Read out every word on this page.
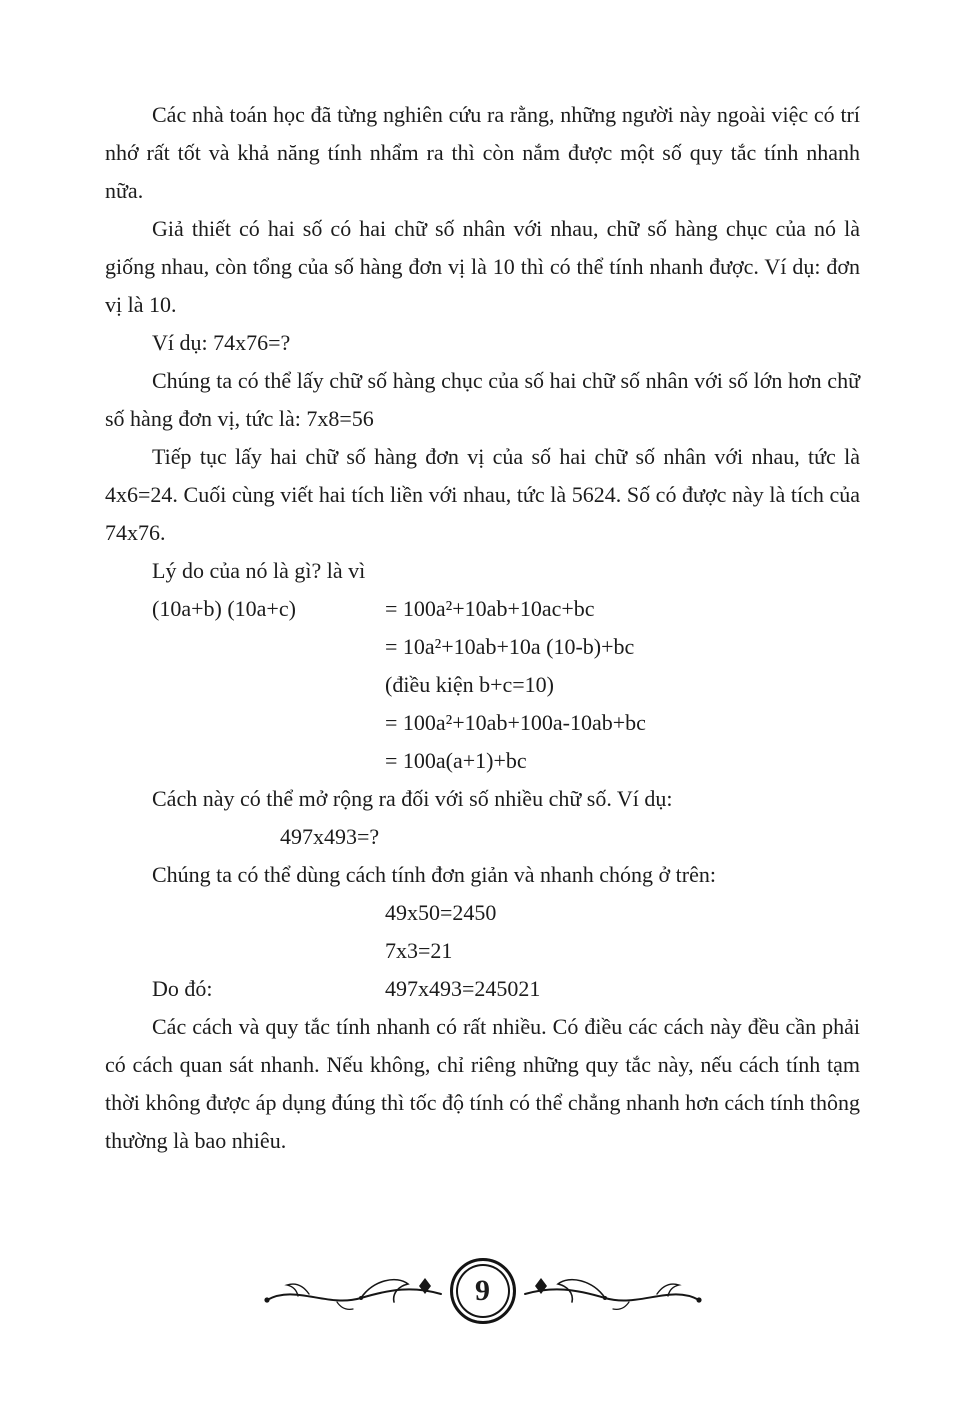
Các nhà toán học đã từng nghiên cứu ra rằng, những người này ngoài việc có trí nhớ rất tốt và khả năng tính nhẩm ra thì còn nắm được một số quy tắc tính nhanh nữa.

Giả thiết có hai số có hai chữ số nhân với nhau, chữ số hàng chục của nó là giống nhau, còn tổng của số hàng đơn vị là 10 thì có thể tính nhanh được. Ví dụ: đơn vị là 10.

Ví dụ: 74x76=?

Chúng ta có thể lấy chữ số hàng chục của số hai chữ số nhân với số lớn hơn chữ số hàng đơn vị, tức là: 7x8=56

Tiếp tục lấy hai chữ số hàng đơn vị của số hai chữ số nhân với nhau, tức là 4x6=24. Cuối cùng viết hai tích liền với nhau, tức là 5624. Số có được này là tích của 74x76.

Lý do của nó là gì? là vì

(10a+b) (10a+c)	= 100a²+10ab+10ac+bc

= 10a²+10ab+10a (10-b)+bc

(điều kiện b+c=10)

= 100a²+10ab+100a-10ab+bc

= 100a(a+1)+bc

Cách này có thể mở rộng ra đối với số nhiều chữ số. Ví dụ:

497x493=?

Chúng ta có thể dùng cách tính đơn giản và nhanh chóng ở trên:

49x50=2450

7x3=21

Do đó:	497x493=245021

Các cách và quy tắc tính nhanh có rất nhiều. Có điều các cách này đều cần phải có cách quan sát nhanh. Nếu không, chỉ riêng những quy tắc này, nếu cách tính tạm thời không được áp dụng đúng thì tốc độ tính có thể chẳng nhanh hơn cách tính thông thường là bao nhiêu.

9
